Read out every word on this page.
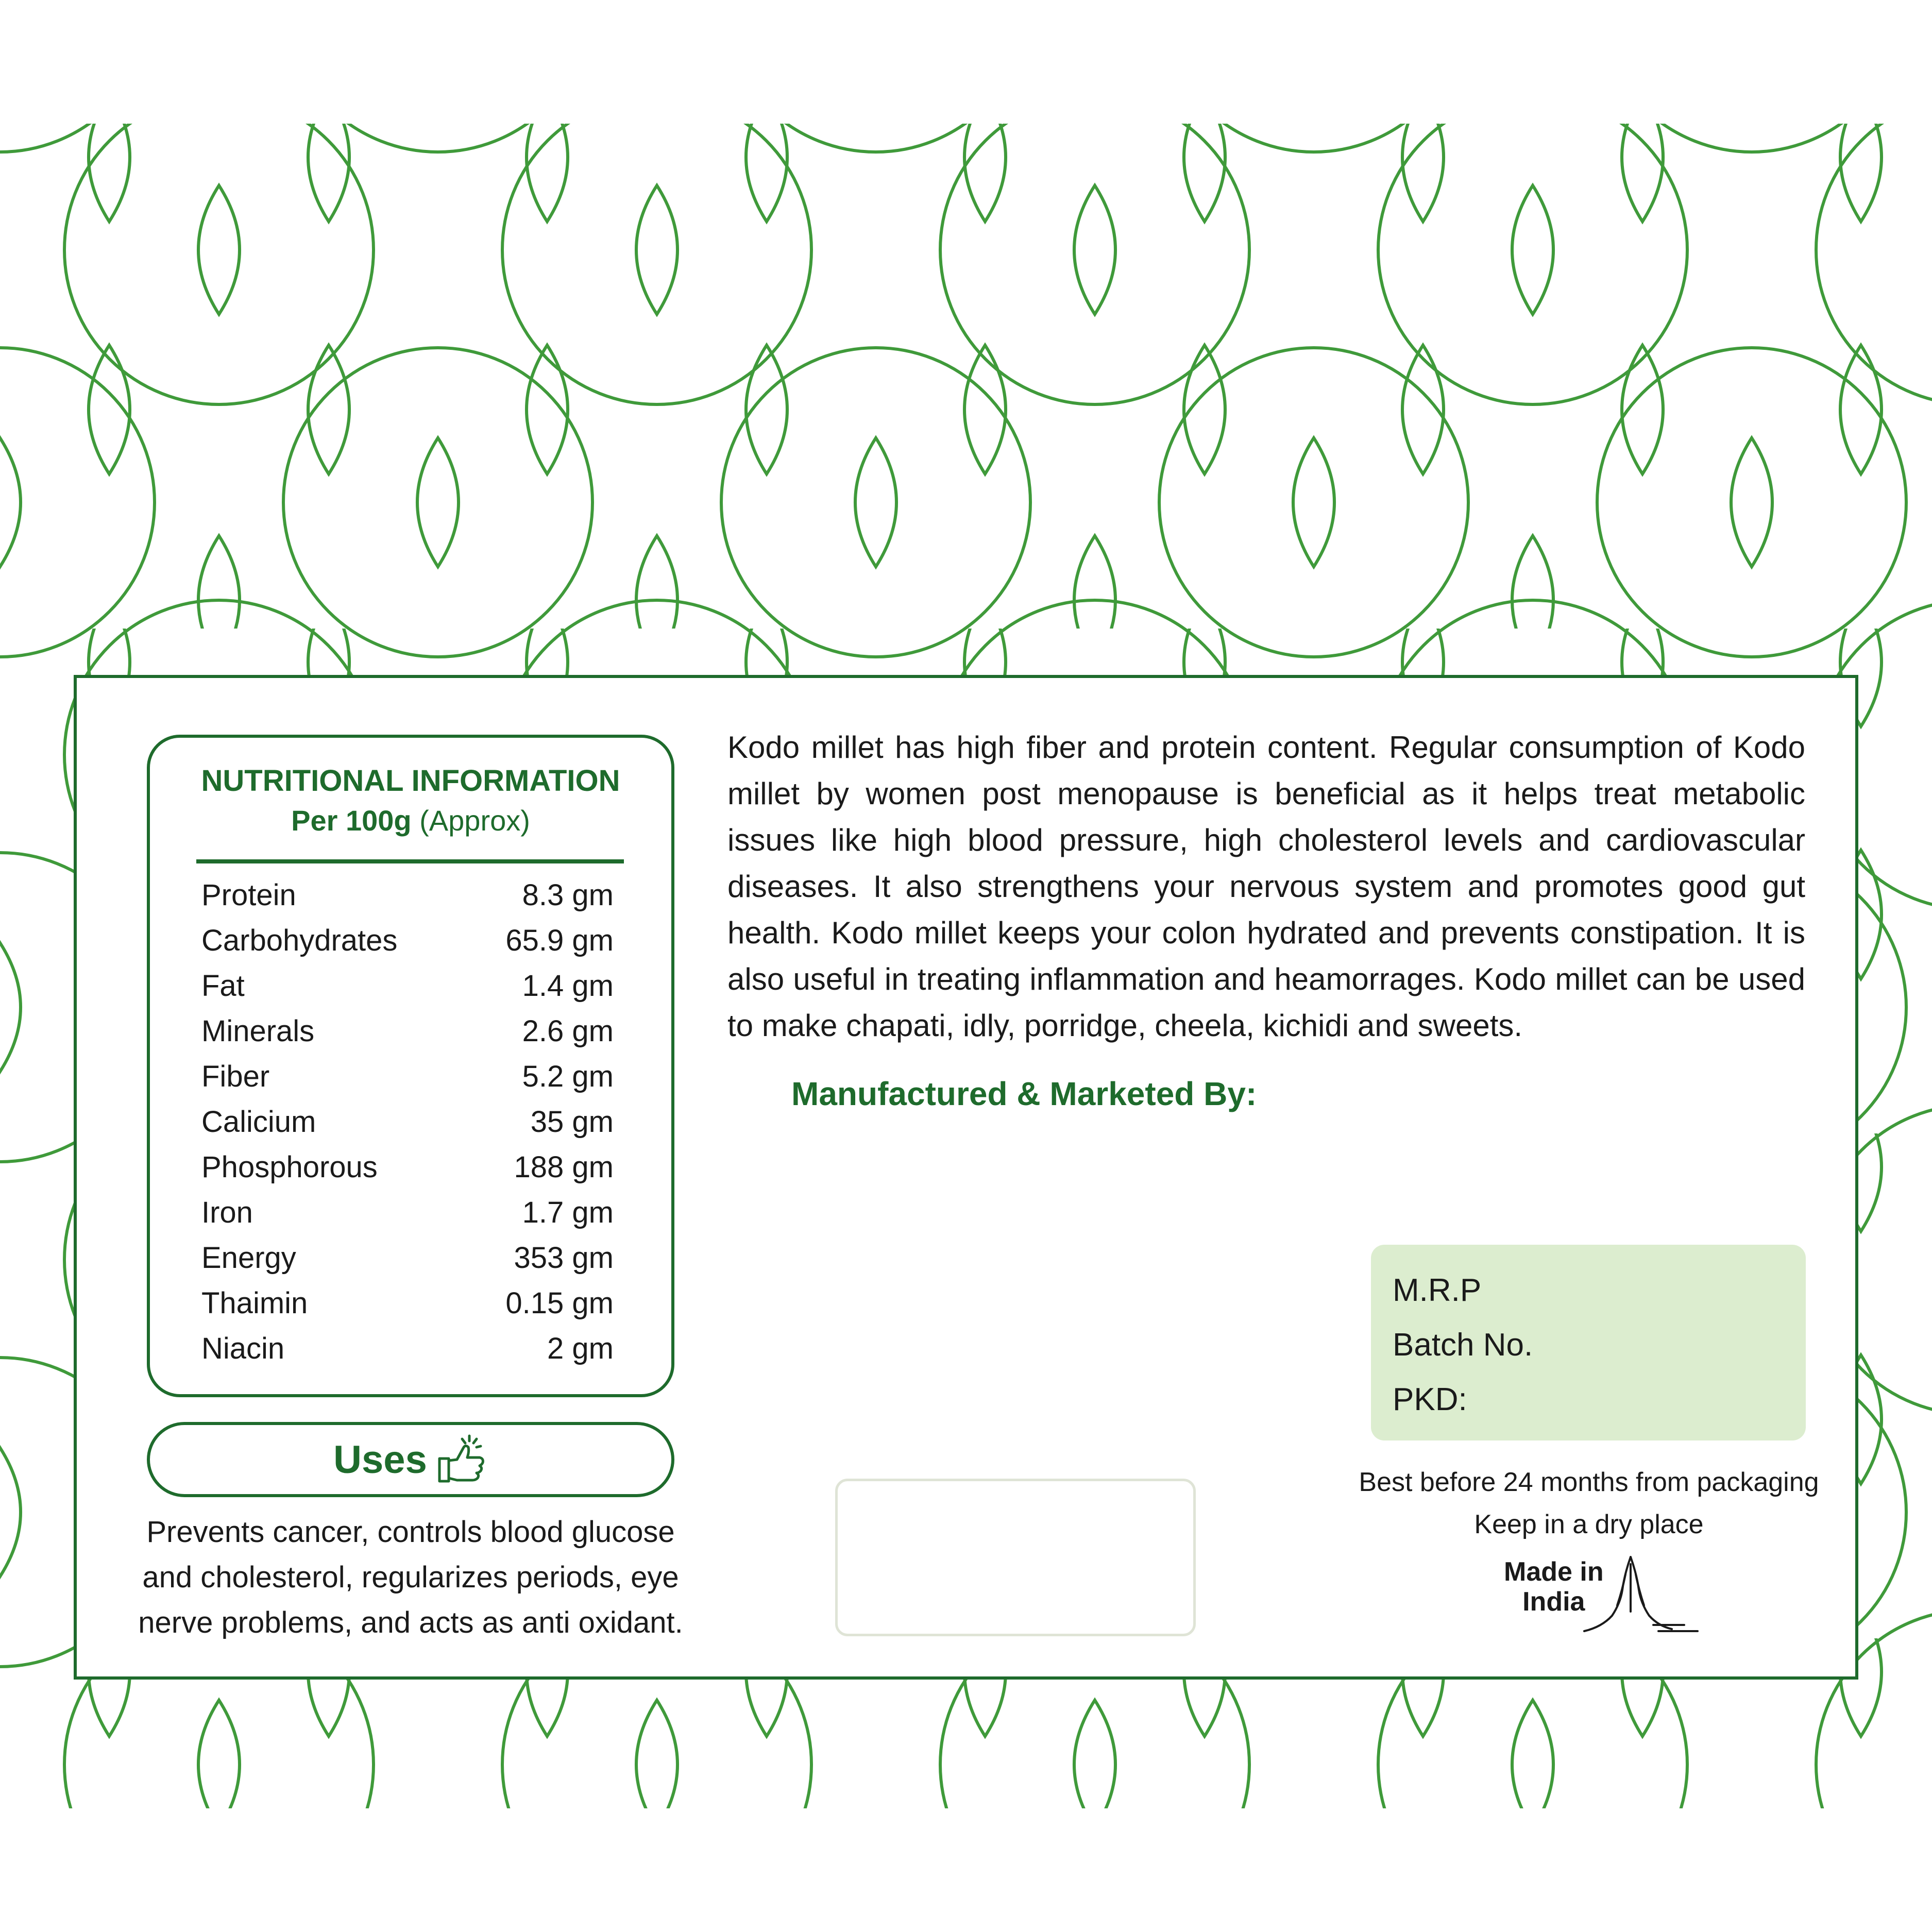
NUTRITIONAL INFORMATION
Per 100g (Approx)
Protein	8.3 gm
Carbohydrates	65.9 gm
Fat	1.4 gm
Minerals	2.6 gm
Fiber	5.2 gm
Calicium	35 gm
Phosphorous	188 gm
Iron	1.7 gm
Energy	353 gm
Thaimin	0.15 gm
Niacin	2 gm
Uses
Prevents cancer, controls blood glucose
and cholesterol, regularizes periods, eye
nerve problems, and acts as anti oxidant.
Kodo millet has high fiber and protein content. Regular consumption of Kodo millet by women post menopause is beneficial as it helps treat metabolic issues like high blood pressure, high cholesterol levels and cardiovascular diseases. It also strengthens your nervous system and promotes good gut health. Kodo millet keeps your colon hydrated and prevents constipation. It is also useful in treating inflammation and heamorrages. Kodo millet can be used to make chapati, idly, porridge, cheela, kichidi and sweets.
Manufactured & Marketed By:
M.R.P
Batch No.
PKD:
Best before 24 months from packaging
Keep in a dry place
Made in
India
